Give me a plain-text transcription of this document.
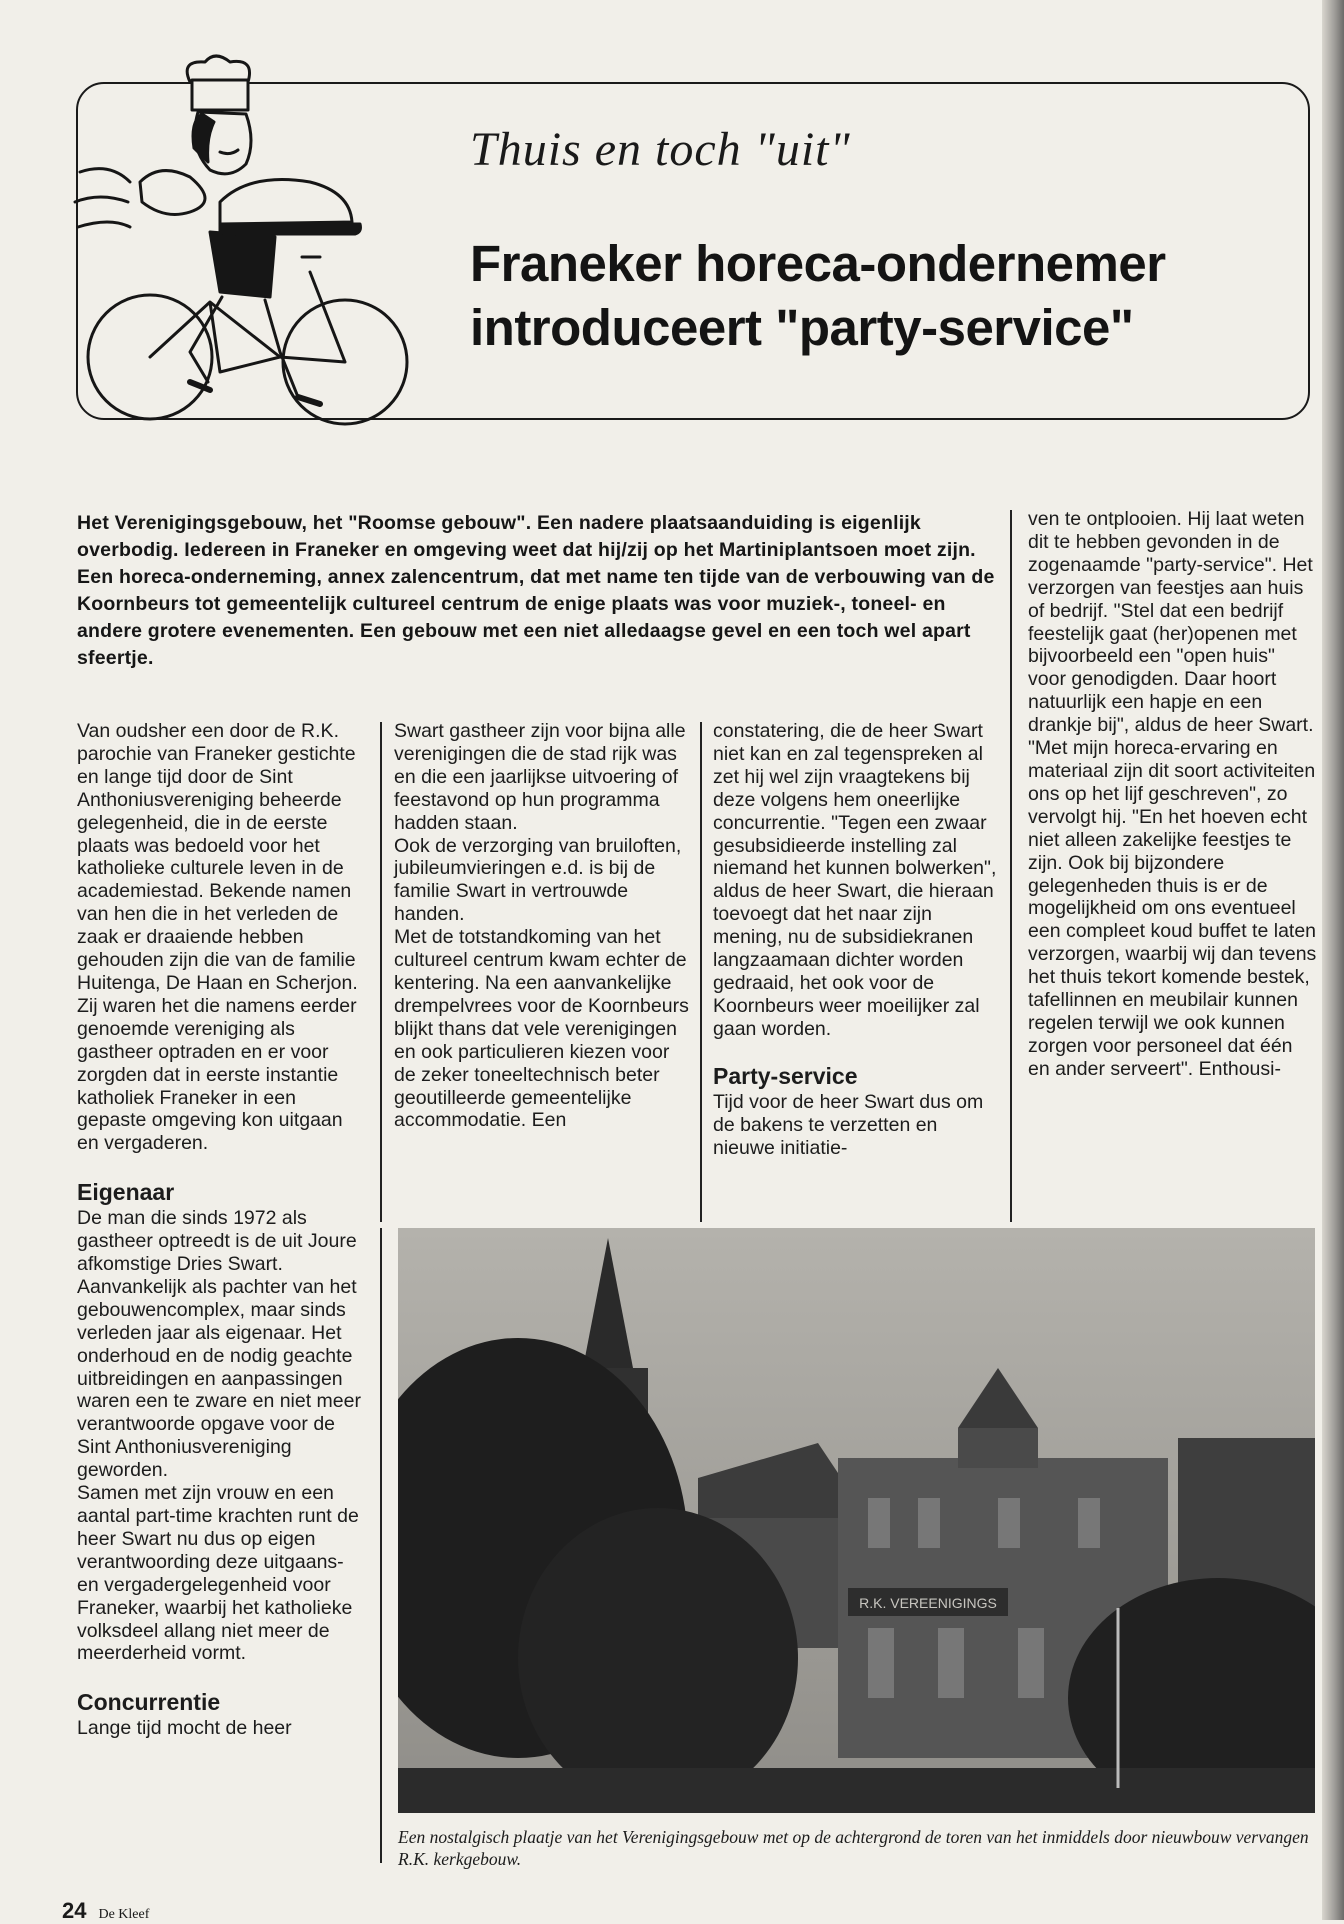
Thuis en toch "uit"
Franeker horeca-ondernemer
introduceert "party-service"
Het Verenigingsgebouw, het "Roomse gebouw". Een nadere plaatsaanduiding is eigenlijk overbodig. Iedereen in Franeker en omgeving weet dat hij/zij op het Martiniplantsoen moet zijn. Een horeca-onderneming, annex zalencentrum, dat met name ten tijde van de verbouwing van de Koornbeurs tot gemeentelijk cultureel centrum de enige plaats was voor muziek-, toneel- en andere grotere evenementen. Een gebouw met een niet alledaagse gevel en een toch wel apart sfeertje.

Van oudsher een door de R.K. parochie van Franeker gestichte en lange tijd door de Sint Anthoniusvereniging beheerde gelegenheid, die in de eerste plaats was bedoeld voor het katholieke culturele leven in de academiestad. Bekende namen van hen die in het verleden de zaak er draaiende hebben gehouden zijn die van de familie Huitenga, De Haan en Scherjon. Zij waren het die namens eerder genoemde vereniging als gastheer optraden en er voor zorgden dat in eerste instantie katholiek Franeker in een gepaste omgeving kon uitgaan en vergaderen.

Eigenaar

De man die sinds 1972 als gastheer optreedt is de uit Joure afkomstige Dries Swart. Aanvankelijk als pachter van het gebouwencomplex, maar sinds verleden jaar als eigenaar. Het onderhoud en de nodig geachte uitbreidingen en aanpassingen waren een te zware en niet meer verantwoorde opgave voor de Sint Anthoniusvereniging geworden.

Samen met zijn vrouw en een aantal part-time krachten runt de heer Swart nu dus op eigen verantwoording deze uitgaans- en vergadergelegenheid voor Franeker, waarbij het katholieke volksdeel allang niet meer de meerderheid vormt.

Concurrentie

Lange tijd mocht de heer

Swart gastheer zijn voor bijna alle verenigingen die de stad rijk was en die een jaarlijkse uitvoering of feestavond op hun programma hadden staan.

Ook de verzorging van bruiloften, jubileumvieringen e.d. is bij de familie Swart in vertrouwde handen.

Met de totstandkoming van het cultureel centrum kwam echter de kentering. Na een aanvankelijke drempelvrees voor de Koornbeurs blijkt thans dat vele verenigingen en ook particulieren kiezen voor de zeker toneeltechnisch beter geoutilleerde gemeentelijke accommodatie. Een

constatering, die de heer Swart niet kan en zal tegenspreken al zet hij wel zijn vraagtekens bij deze volgens hem oneerlijke concurrentie. "Tegen een zwaar gesubsidieerde instelling zal niemand het kunnen bolwerken", aldus de heer Swart, die hieraan toevoegt dat het naar zijn mening, nu de subsidiekranen langzaamaan dichter worden gedraaid, het ook voor de Koornbeurs weer moeilijker zal gaan worden.

Party-service

Tijd voor de heer Swart dus om de bakens te verzetten en nieuwe initiatie-

ven te ontplooien. Hij laat weten dit te hebben gevonden in de zogenaamde "party-service". Het verzorgen van feestjes aan huis of bedrijf. "Stel dat een bedrijf feestelijk gaat (her)openen met bijvoorbeeld een "open huis" voor genodigden. Daar hoort natuurlijk een hapje en een drankje bij", aldus de heer Swart. "Met mijn horeca-ervaring en materiaal zijn dit soort activiteiten ons op het lijf geschreven", zo vervolgt hij. "En het hoeven echt niet alleen zakelijke feestjes te zijn. Ook bij bijzondere gelegenheden thuis is er de mogelijkheid om ons eventueel een compleet koud buffet te laten verzorgen, waarbij wij dan tevens het thuis tekort komende bestek, tafellinnen en meubilair kunnen regelen terwijl we ook kunnen zorgen voor personeel dat één en ander serveert". Enthousi-

R.K. VEREENIGINGS
Een nostalgisch plaatje van het Verenigingsgebouw met op de achtergrond de toren van het inmiddels door nieuwbouw vervangen R.K. kerkgebouw.
24 De Kleef
